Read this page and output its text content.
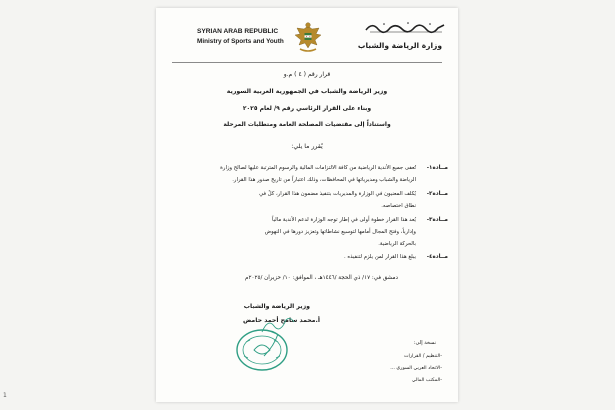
SYRIAN ARAB REPUBLIC
Ministry of Sports and Youth	وزارة الرياضة والشباب
قرار رقم ( ٤ ) م.و
وزير الرياضة والشباب في الجمهورية العربية السورية
وبناء على القرار الرئاسي رقم ٩/ لعام ٢٠٢٥
واستناداً إلى مقتضيات المصلحة العامة ومتطلبات المرحلة
يُقرر ما يلي:
مــادة١-
تُعفى جميع الأندية الرياضية من كافة الالتزامات المالية والرسوم المترتبة عليها لصالح وزارة
الرياضة والشباب ومديرياتها في المحافظات، وذلك اعتباراً من تاريخ صدور هذا القرار.
مــادة٢-
يُكلف المعنيون في الوزارة والمديريات بتنفيذ مضمون هذا القرار، كلٌ في
نطاق اختصاصه.
مــادة٣-
يُعد هذا القرار خطوة أولى في إطار توجه الوزارة لدعم الأندية مالياً
وإدارياً، وفتح المجال أمامها لتوسيع نشاطاتها وتعزيز دورها في النهوض
بالحركة الرياضية.
مــادة٤-
يبلغ هذا القرار لمن يلزم لتنفيذه .
دمشق في: ١٧/ ذي الحجة /١٤٤٦هـ ، الموافق: ١٠/ حزيران /٢٠٢٥م
وزير الرياضة والشباب
أ.محمد سامح أحمد حامض
نسخة إلى:
-التنظيم / القرارات
-الاتحاد العربي السوري ...
-المكتب المالي
1
